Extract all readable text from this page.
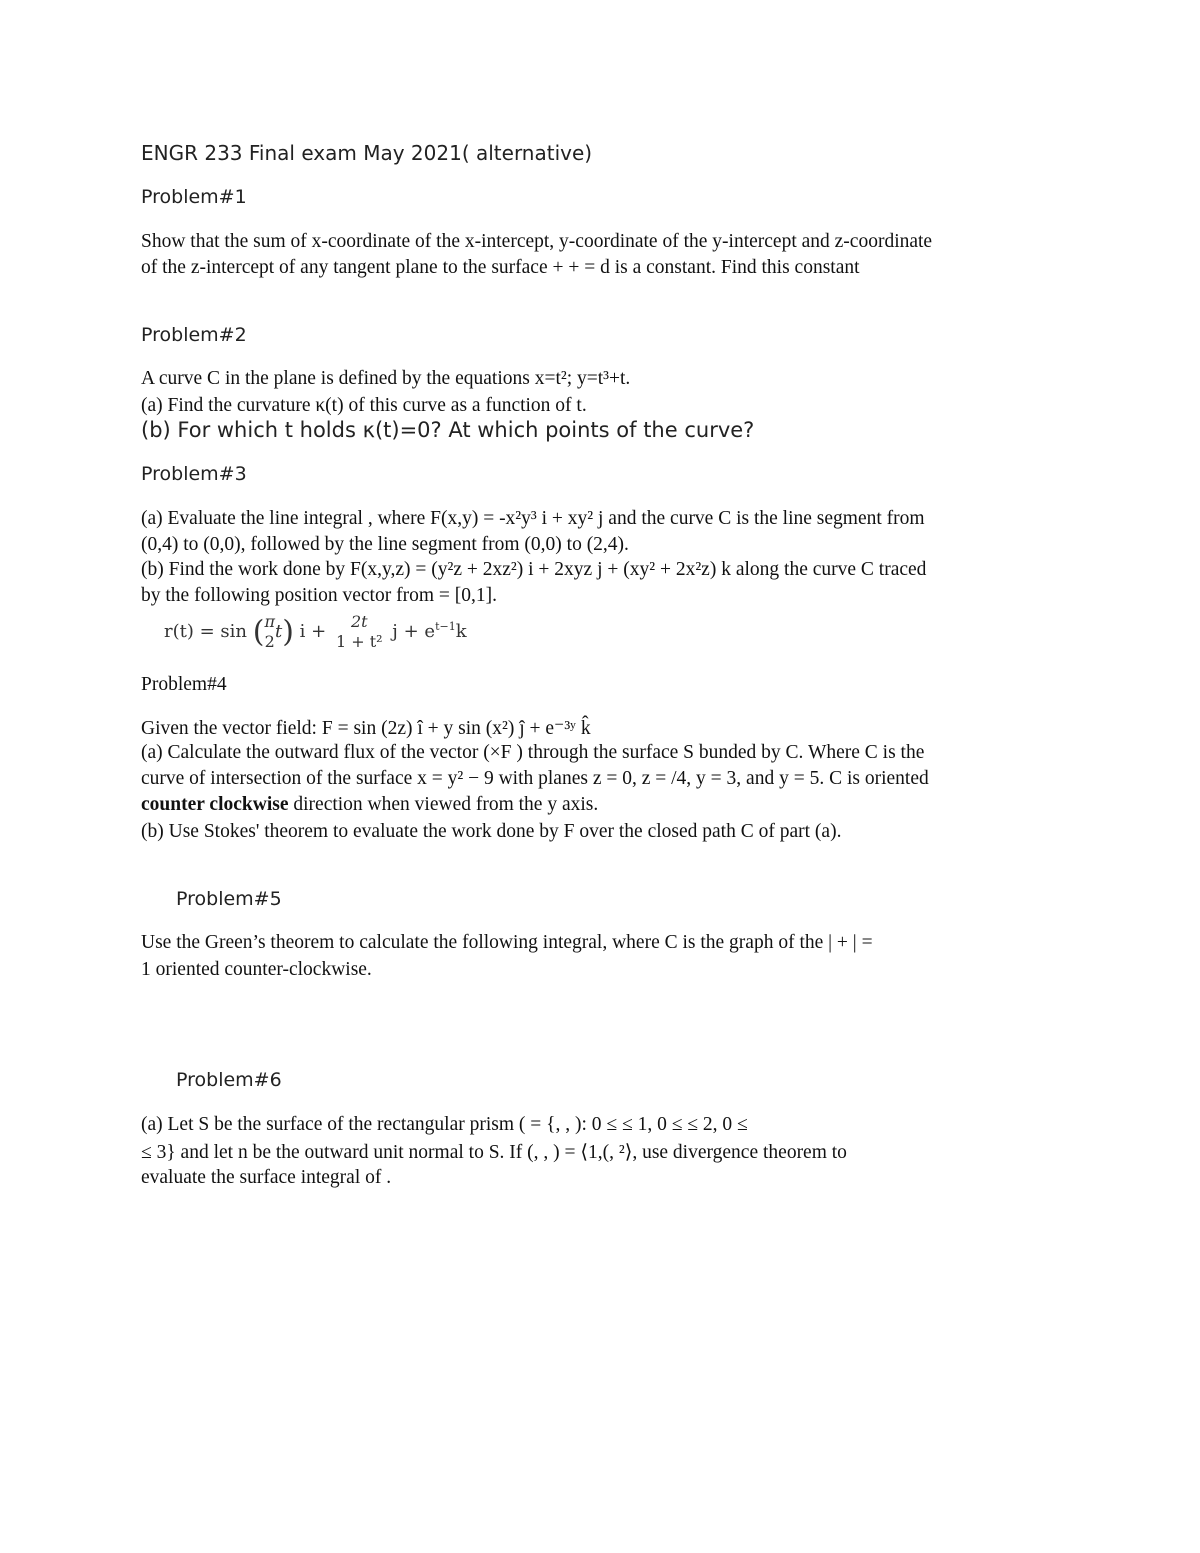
ENGR 233 Final exam May 2021( alternative)
Problem#1
Show that the sum of x-coordinate of the x-intercept, y-coordinate of the y-intercept and z-coordinate
of the z-intercept of any tangent plane to the surface + + = d is a constant. Find this constant
Problem#2
A curve C in the plane is defined by the equations x=t²; y=t³+t.
(a) Find the curvature κ(t) of this curve as a function of t.
(b) For which t holds κ(t)=0? At which points of the curve?
Problem#3
(a) Evaluate the line integral , where F(x,y) = -x²y³ i + xy² j and the curve C is the line segment from
(0,4) to (0,0), followed by the line segment from (0,0) to (2,4).
(b) Find the work done by F(x,y,z) = (y²z + 2xz²) i + 2xyz j + (xy² + 2x²z) k along the curve C traced
by the following position vector from = [0,1].
r(t) = sin ( π
2 t) i +	2t
1 + t² $j + e^{t-1}k$
Problem#4
Given the vector field: F = sin (2z) î + y sin (x²) ĵ + e⁻³ʸ k̂
(a) Calculate the outward flux of the vector (×F ) through the surface S bunded by C. Where C is the
curve of intersection of the surface x = y² − 9 with planes z = 0, z = /4, y = 3, and y = 5. C is oriented
counter clockwise direction when viewed from the y axis.
(b) Use Stokes' theorem to evaluate the work done by F over the closed path C of part (a).
Problem#5
Use the Green’s theorem to calculate the following integral, where C is the graph of the | + | =
1 oriented counter-clockwise.
Problem#6
(a) Let S be the surface of the rectangular prism ( = {, , ): 0 ≤ ≤ 1, 0 ≤ ≤ 2, 0 ≤
≤ 3} and let n be the outward unit normal to S. If (, , ) = ⟨1,(, ²⟩, use divergence theorem to
evaluate the surface integral of .
